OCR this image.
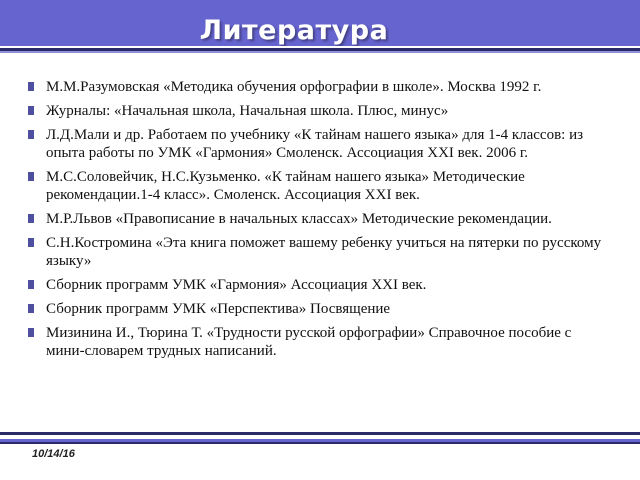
Литература
М.М.Разумовская «Методика обучения орфографии в школе». Москва 1992 г.
Журналы: «Начальная школа, Начальная школа. Плюс, минус»
Л.Д.Мали и др. Работаем по учебнику «К тайнам нашего языка» для 1-4 классов: из опыта работы по УМК «Гармония» Смоленск. Ассоциация XXI век. 2006 г.
М.С.Соловейчик, Н.С.Кузьменко. «К тайнам нашего языка» Методические рекомендации.1-4 класс». Смоленск. Ассоциация XXI век.
М.Р.Львов «Правописание в начальных классах» Методические рекомендации.
С.Н.Костромина «Эта книга поможет вашему ребенку учиться на пятерки по русскому языку»
Сборник программ УМК «Гармония» Ассоциация XXI век.
Сборник программ УМК «Перспектива» Посвящение
Мизинина И., Тюрина Т. «Трудности русской орфографии» Справочное пособие с мини-словарем трудных написаний.
10/14/16
